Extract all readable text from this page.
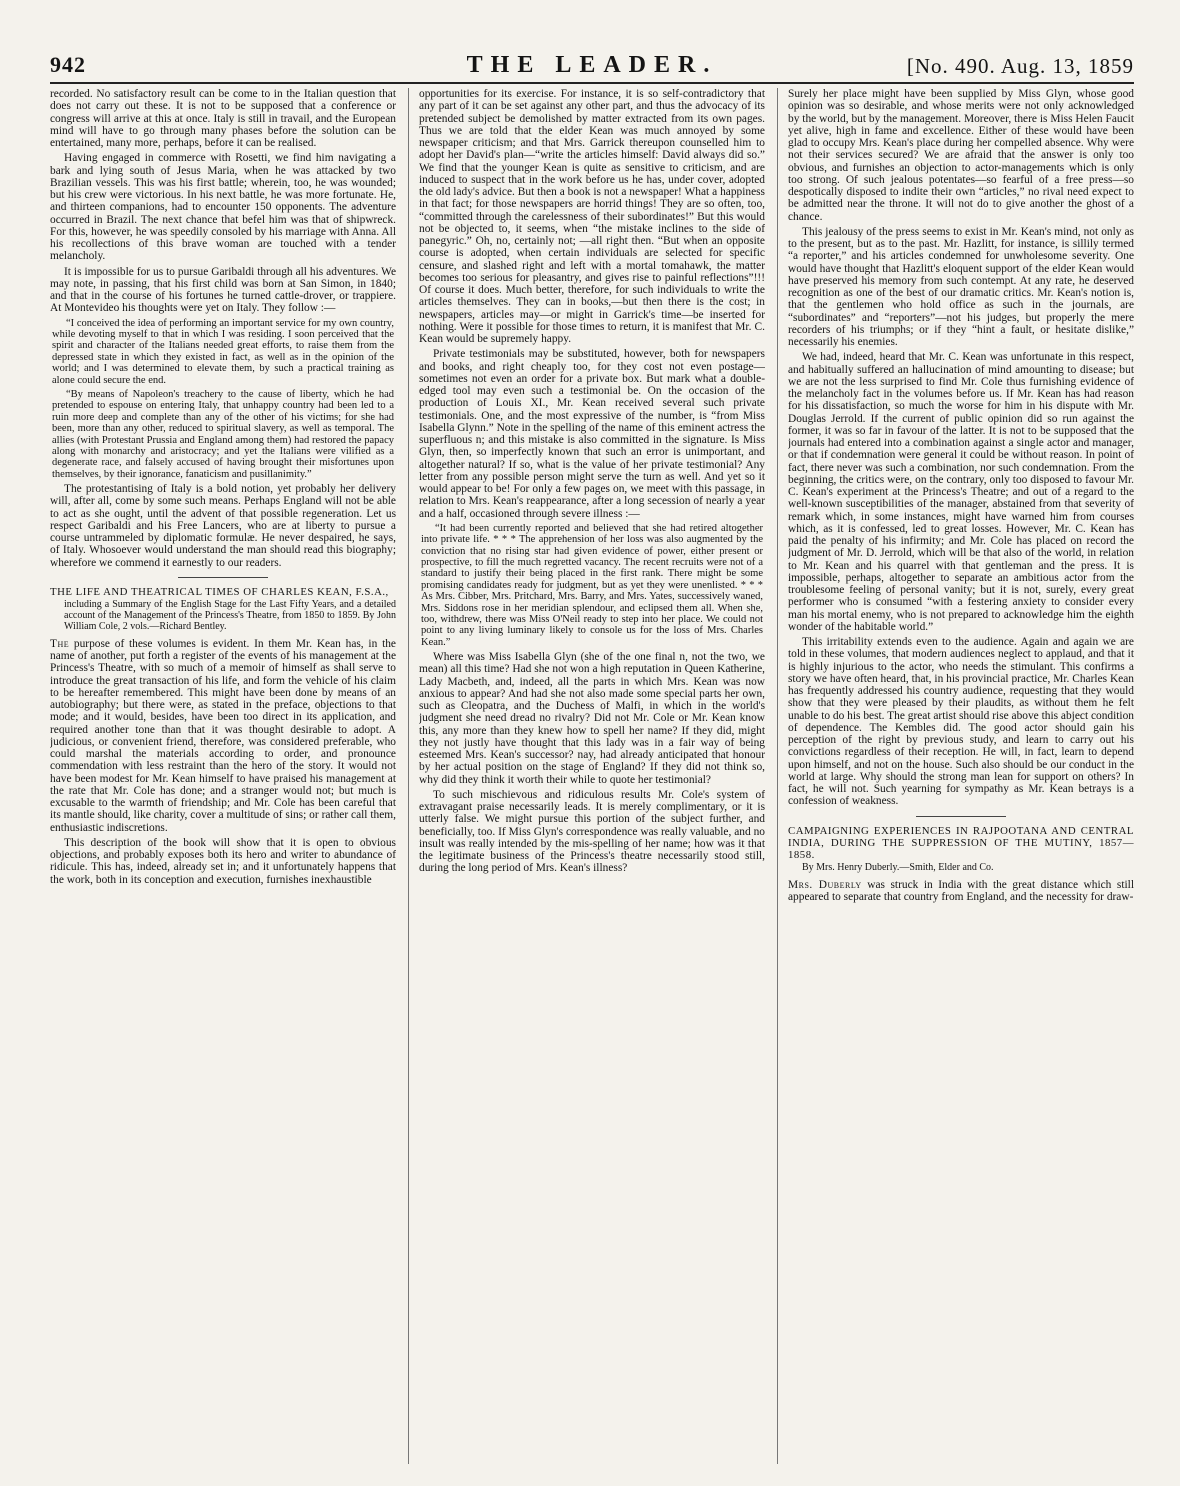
942	THE LEADER.	[No. 490. Aug. 13, 1859

recorded. No satisfactory result can be come to in the Italian question that does not carry out these. It is not to be supposed that a conference or congress will arrive at this at once. Italy is still in travail, and the European mind will have to go through many phases before the solution can be entertained, many more, perhaps, before it can be realised.

Having engaged in commerce with Rosetti, we find him navigating a bark and lying south of Jesus Maria, when he was attacked by two Brazilian vessels. This was his first battle; wherein, too, he was wounded; but his crew were victorious. In his next battle, he was more fortunate. He, and thirteen companions, had to encounter 150 opponents. The adventure occurred in Brazil. The next chance that befel him was that of shipwreck. For this, however, he was speedily consoled by his marriage with Anna. All his recollections of this brave woman are touched with a tender melancholy.

It is impossible for us to pursue Garibaldi through all his adventures. We may note, in passing, that his first child was born at San Simon, in 1840; and that in the course of his fortunes he turned cattle-drover, or trappiere. At Montevideo his thoughts were yet on Italy. They follow :—

“I conceived the idea of performing an important service for my own country, while devoting myself to that in which I was residing. I soon perceived that the spirit and character of the Italians needed great efforts, to raise them from the depressed state in which they existed in fact, as well as in the opinion of the world; and I was determined to elevate them, by such a practical training as alone could secure the end.

“By means of Napoleon's treachery to the cause of liberty, which he had pretended to espouse on entering Italy, that unhappy country had been led to a ruin more deep and complete than any of the other of his victims; for she had been, more than any other, reduced to spiritual slavery, as well as temporal. The allies (with Protestant Prussia and England among them) had restored the papacy along with monarchy and aristocracy; and yet the Italians were vilified as a degenerate race, and falsely accused of having brought their misfortunes upon themselves, by their ignorance, fanaticism and pusillanimity.”

The protestantising of Italy is a bold notion, yet probably her delivery will, after all, come by some such means. Perhaps England will not be able to act as she ought, until the advent of that possible regeneration. Let us respect Garibaldi and his Free Lancers, who are at liberty to pursue a course untrammeled by diplomatic formulæ. He never despaired, he says, of Italy. Whosoever would understand the man should read this biography; wherefore we commend it earnestly to our readers.

THE LIFE AND THEATRICAL TIMES OF CHARLES KEAN, F.S.A.,

including a Summary of the English Stage for the Last Fifty Years, and a detailed account of the Management of the Princess's Theatre, from 1850 to 1859. By John William Cole, 2 vols.—Richard Bentley.

The purpose of these volumes is evident. In them Mr. Kean has, in the name of another, put forth a register of the events of his management at the Princess's Theatre, with so much of a memoir of himself as shall serve to introduce the great transaction of his life, and form the vehicle of his claim to be hereafter remembered. This might have been done by means of an autobiography; but there were, as stated in the preface, objections to that mode; and it would, besides, have been too direct in its application, and required another tone than that it was thought desirable to adopt. A judicious, or convenient friend, therefore, was considered preferable, who could marshal the materials according to order, and pronounce commendation with less restraint than the hero of the story. It would not have been modest for Mr. Kean himself to have praised his management at the rate that Mr. Cole has done; and a stranger would not; but much is excusable to the warmth of friendship; and Mr. Cole has been careful that its mantle should, like charity, cover a multitude of sins; or rather call them, enthusiastic indiscretions.

This description of the book will show that it is open to obvious objections, and probably exposes both its hero and writer to abundance of ridicule. This has, indeed, already set in; and it unfortunately happens that the work, both in its conception and execution, furnishes inexhaustible

opportunities for its exercise. For instance, it is so self-contradictory that any part of it can be set against any other part, and thus the advocacy of its pretended subject be demolished by matter extracted from its own pages. Thus we are told that the elder Kean was much annoyed by some newspaper criticism; and that Mrs. Garrick thereupon counselled him to adopt her David's plan—“write the articles himself: David always did so.” We find that the younger Kean is quite as sensitive to criticism, and are induced to suspect that in the work before us he has, under cover, adopted the old lady's advice. But then a book is not a newspaper! What a happiness in that fact; for those newspapers are horrid things! They are so often, too, “committed through the carelessness of their subordinates!” But this would not be objected to, it seems, when “the mistake inclines to the side of panegyric.” Oh, no, certainly not; —all right then. “But when an opposite course is adopted, when certain individuals are selected for specific censure, and slashed right and left with a mortal tomahawk, the matter becomes too serious for pleasantry, and gives rise to painful reflections”!!! Of course it does. Much better, therefore, for such individuals to write the articles themselves. They can in books,—but then there is the cost; in newspapers, articles may—or might in Garrick's time—be inserted for nothing. Were it possible for those times to return, it is manifest that Mr. C. Kean would be supremely happy.

Private testimonials may be substituted, however, both for newspapers and books, and right cheaply too, for they cost not even postage—sometimes not even an order for a private box. But mark what a double-edged tool may even such a testimonial be. On the occasion of the production of Louis XI., Mr. Kean received several such private testimonials. One, and the most expressive of the number, is “from Miss Isabella Glynn.” Note in the spelling of the name of this eminent actress the superfluous n; and this mistake is also committed in the signature. Is Miss Glyn, then, so imperfectly known that such an error is unimportant, and altogether natural? If so, what is the value of her private testimonial? Any letter from any possible person might serve the turn as well. And yet so it would appear to be! For only a few pages on, we meet with this passage, in relation to Mrs. Kean's reappearance, after a long secession of nearly a year and a half, occasioned through severe illness :—

“It had been currently reported and believed that she had retired altogether into private life. * * * The apprehension of her loss was also augmented by the conviction that no rising star had given evidence of power, either present or prospective, to fill the much regretted vacancy. The recent recruits were not of a standard to justify their being placed in the first rank. There might be some promising candidates ready for judgment, but as yet they were unenlisted. * * * As Mrs. Cibber, Mrs. Pritchard, Mrs. Barry, and Mrs. Yates, successively waned, Mrs. Siddons rose in her meridian splendour, and eclipsed them all. When she, too, withdrew, there was Miss O'Neil ready to step into her place. We could not point to any living luminary likely to console us for the loss of Mrs. Charles Kean.”

Where was Miss Isabella Glyn (she of the one final n, not the two, we mean) all this time? Had she not won a high reputation in Queen Katherine, Lady Macbeth, and, indeed, all the parts in which Mrs. Kean was now anxious to appear? And had she not also made some special parts her own, such as Cleopatra, and the Duchess of Malfi, in which in the world's judgment she need dread no rivalry? Did not Mr. Cole or Mr. Kean know this, any more than they knew how to spell her name? If they did, might they not justly have thought that this lady was in a fair way of being esteemed Mrs. Kean's successor? nay, had already anticipated that honour by her actual position on the stage of England? If they did not think so, why did they think it worth their while to quote her testimonial?

To such mischievous and ridiculous results Mr. Cole's system of extravagant praise necessarily leads. It is merely complimentary, or it is utterly false. We might pursue this portion of the subject further, and beneficially, too. If Miss Glyn's correspondence was really valuable, and no insult was really intended by the mis-spelling of her name; how was it that the legitimate business of the Princess's theatre necessarily stood still, during the long period of Mrs. Kean's illness?

Surely her place might have been supplied by Miss Glyn, whose good opinion was so desirable, and whose merits were not only acknowledged by the world, but by the management. Moreover, there is Miss Helen Faucit yet alive, high in fame and excellence. Either of these would have been glad to occupy Mrs. Kean's place during her compelled absence. Why were not their services secured? We are afraid that the answer is only too obvious, and furnishes an objection to actor-managements which is only too strong. Of such jealous potentates—so fearful of a free press—so despotically disposed to indite their own “articles,” no rival need expect to be admitted near the throne. It will not do to give another the ghost of a chance.

This jealousy of the press seems to exist in Mr. Kean's mind, not only as to the present, but as to the past. Mr. Hazlitt, for instance, is sillily termed “a reporter,” and his articles condemned for unwholesome severity. One would have thought that Hazlitt's eloquent support of the elder Kean would have preserved his memory from such contempt. At any rate, he deserved recognition as one of the best of our dramatic critics. Mr. Kean's notion is, that the gentlemen who hold office as such in the journals, are “subordinates” and “reporters”—not his judges, but properly the mere recorders of his triumphs; or if they “hint a fault, or hesitate dislike,” necessarily his enemies.

We had, indeed, heard that Mr. C. Kean was unfortunate in this respect, and habitually suffered an hallucination of mind amounting to disease; but we are not the less surprised to find Mr. Cole thus furnishing evidence of the melancholy fact in the volumes before us. If Mr. Kean has had reason for his dissatisfaction, so much the worse for him in his dispute with Mr. Douglas Jerrold. If the current of public opinion did so run against the former, it was so far in favour of the latter. It is not to be supposed that the journals had entered into a combination against a single actor and manager, or that if condemnation were general it could be without reason. In point of fact, there never was such a combination, nor such condemnation. From the beginning, the critics were, on the contrary, only too disposed to favour Mr. C. Kean's experiment at the Princess's Theatre; and out of a regard to the well-known susceptibilities of the manager, abstained from that severity of remark which, in some instances, might have warned him from courses which, as it is confessed, led to great losses. However, Mr. C. Kean has paid the penalty of his infirmity; and Mr. Cole has placed on record the judgment of Mr. D. Jerrold, which will be that also of the world, in relation to Mr. Kean and his quarrel with that gentleman and the press. It is impossible, perhaps, altogether to separate an ambitious actor from the troublesome feeling of personal vanity; but it is not, surely, every great performer who is consumed “with a festering anxiety to consider every man his mortal enemy, who is not prepared to acknowledge him the eighth wonder of the habitable world.”

This irritability extends even to the audience. Again and again we are told in these volumes, that modern audiences neglect to applaud, and that it is highly injurious to the actor, who needs the stimulant. This confirms a story we have often heard, that, in his provincial practice, Mr. Charles Kean has frequently addressed his country audience, requesting that they would show that they were pleased by their plaudits, as without them he felt unable to do his best. The great artist should rise above this abject condition of dependence. The Kembles did. The good actor should gain his perception of the right by previous study, and learn to carry out his convictions regardless of their reception. He will, in fact, learn to depend upon himself, and not on the house. Such also should be our conduct in the world at large. Why should the strong man lean for support on others? In fact, he will not. Such yearning for sympathy as Mr. Kean betrays is a confession of weakness.

CAMPAIGNING EXPERIENCES IN RAJPOOTANA AND CENTRAL INDIA, DURING THE SUPPRESSION OF THE MUTINY, 1857—1858.

By Mrs. Henry Duberly.—Smith, Elder and Co.

Mrs. Duberly was struck in India with the great distance which still appeared to separate that country from England, and the necessity for draw-
